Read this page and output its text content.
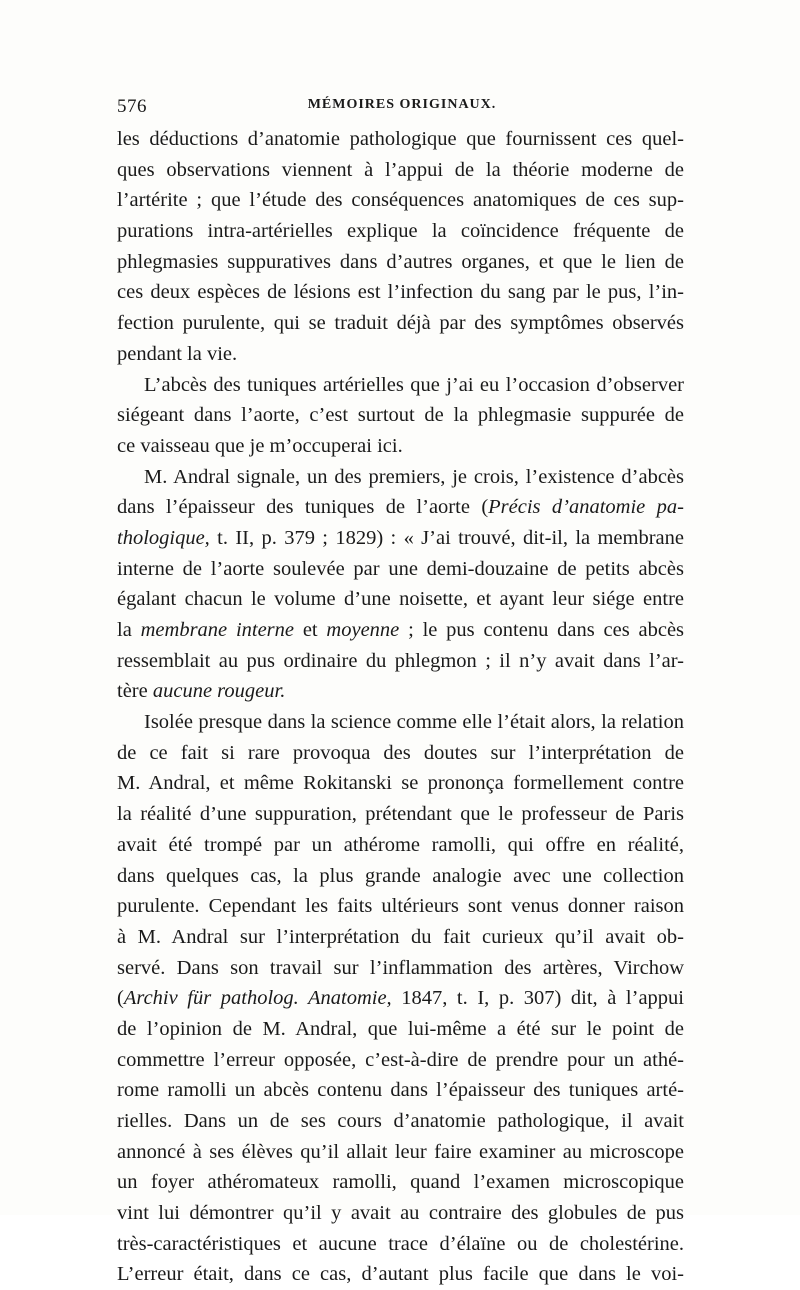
576	MÉMOIRES ORIGINAUX.
les déductions d’anatomie pathologique que fournissent ces quel-
ques observations viennent à l’appui de la théorie moderne de
l’artérite ; que l’étude des conséquences anatomiques de ces sup-
purations intra-artérielles explique la coïncidence fréquente de
phlegmasies suppuratives dans d’autres organes, et que le lien de
ces deux espèces de lésions est l’infection du sang par le pus, l’in-
fection purulente, qui se traduit déjà par des symptômes observés
pendant la vie.
L’abcès des tuniques artérielles que j’ai eu l’occasion d’observer
siégeant dans l’aorte, c’est surtout de la phlegmasie suppurée de
ce vaisseau que je m’occuperai ici.
M. Andral signale, un des premiers, je crois, l’existence d’abcès
dans l’épaisseur des tuniques de l’aorte (Précis d’anatomie pa-
thologique, t. II, p. 379 ; 1829) : « J’ai trouvé, dit-il, la membrane
interne de l’aorte soulevée par une demi-douzaine de petits abcès
égalant chacun le volume d’une noisette, et ayant leur siége entre
la membrane interne et moyenne ; le pus contenu dans ces abcès
ressemblait au pus ordinaire du phlegmon ; il n’y avait dans l’ar-
tère aucune rougeur.
Isolée presque dans la science comme elle l’était alors, la relation
de ce fait si rare provoqua des doutes sur l’interprétation de
M. Andral, et même Rokitanski se prononça formellement contre
la réalité d’une suppuration, prétendant que le professeur de Paris
avait été trompé par un athérome ramolli, qui offre en réalité,
dans quelques cas, la plus grande analogie avec une collection
purulente. Cependant les faits ultérieurs sont venus donner raison
à M. Andral sur l’interprétation du fait curieux qu’il avait ob-
servé. Dans son travail sur l’inflammation des artères, Virchow
(Archiv für patholog. Anatomie, 1847, t. I, p. 307) dit, à l’appui
de l’opinion de M. Andral, que lui-même a été sur le point de
commettre l’erreur opposée, c’est-à-dire de prendre pour un athé-
rome ramolli un abcès contenu dans l’épaisseur des tuniques arté-
rielles. Dans un de ses cours d’anatomie pathologique, il avait
annoncé à ses élèves qu’il allait leur faire examiner au microscope
un foyer athéromateux ramolli, quand l’examen microscopique
vint lui démontrer qu’il y avait au contraire des globules de pus
très-caractéristiques et aucune trace d’élaïne ou de cholestérine.
L’erreur était, dans ce cas, d’autant plus facile que dans le voi-
